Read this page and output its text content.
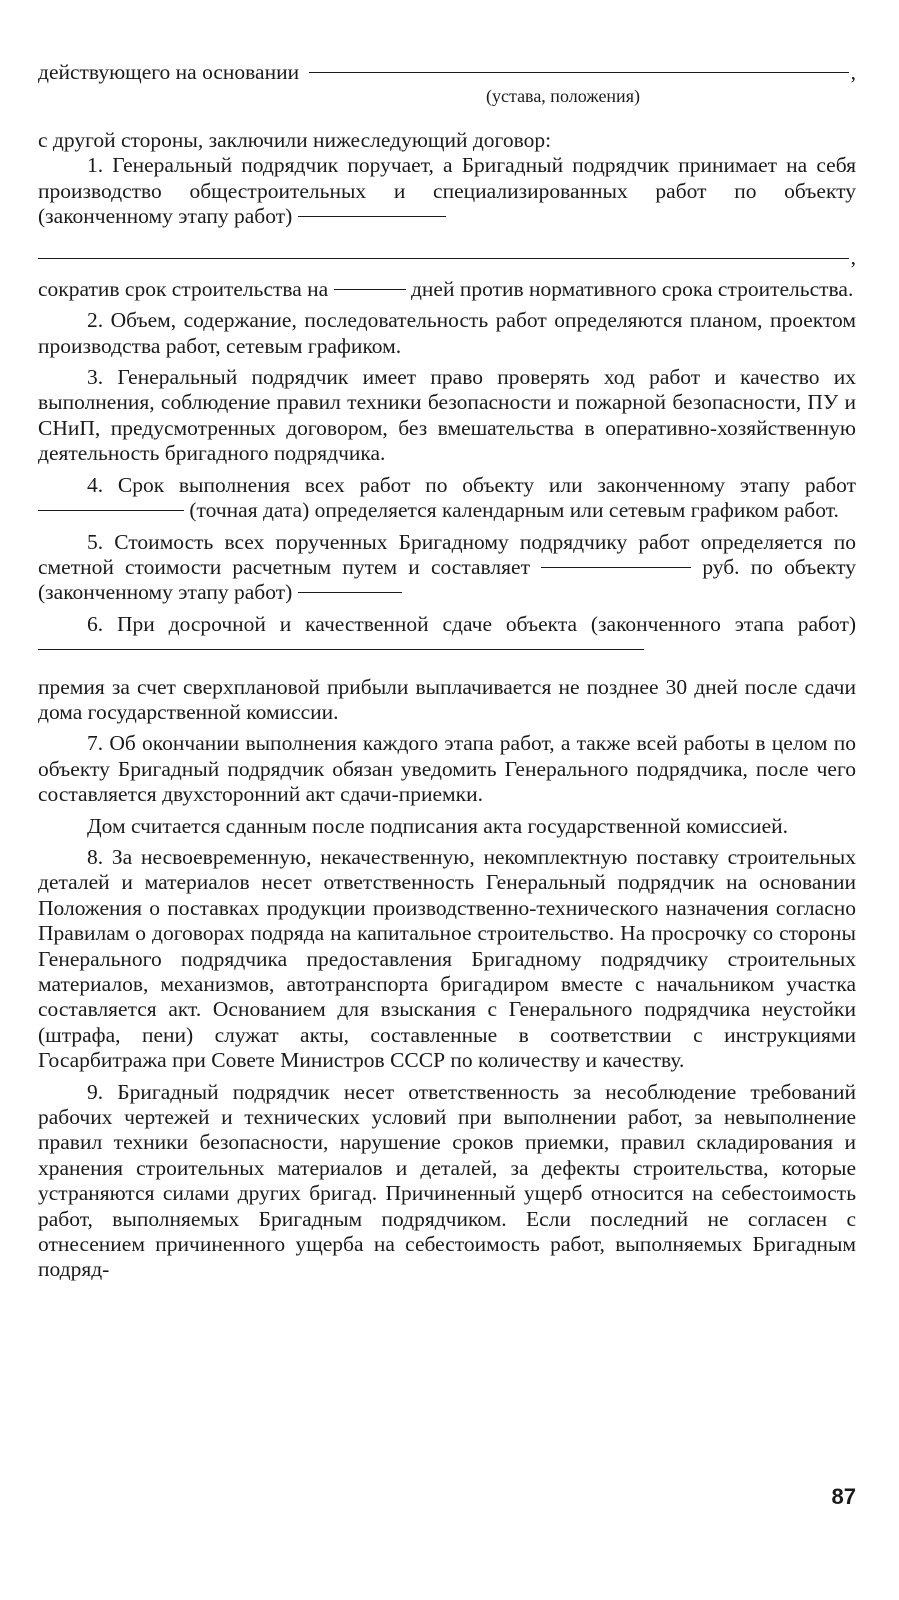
действующего на основании	,
(устава, положения)

с другой стороны, заключили нижеследующий договор:

1. Генеральный подрядчик поручает, а Бригадный подрядчик принимает на себя производство общестроительных и специализированных работ по объекту (законченному этапу работ)

,

сократив срок строительства на	дней против нормативного срока строительства.

2. Объем, содержание, последовательность работ определяются планом, проектом производства работ, сетевым графиком.

3. Генеральный подрядчик имеет право проверять ход работ и качество их выполнения, соблюдение правил техники безопасности и пожарной безопасности, ПУ и СНиП, предусмотренных договором, без вмешательства в оперативно-хозяйственную деятельность бригадного подрядчика.

4. Срок выполнения всех работ по объекту или законченному этапу работ  (точная дата) определяется календарным или сетевым графиком работ.

5. Стоимость всех порученных Бригадному подрядчику работ определяется по сметной стоимости расчетным путем и составляет	руб. по объекту (законченному этапу работ)

6. При досрочной и качественной сдаче объекта (законченного этапа работ)

премия за счет сверхплановой прибыли выплачивается не позднее 30 дней после сдачи дома государственной комиссии.

7. Об окончании выполнения каждого этапа работ, а также всей работы в целом по объекту Бригадный подрядчик обязан уведомить Генерального подрядчика, после чего составляется двухсторонний акт сдачи-приемки.

Дом считается сданным после подписания акта государственной комиссией.

8. За несвоевременную, некачественную, некомплектную поставку строительных деталей и материалов несет ответственность Генеральный подрядчик на основании Положения о поставках продукции производственно-технического назначения согласно Правилам о договорах подряда на капитальное строительство. На просрочку со стороны Генерального подрядчика предоставления Бригадному подрядчику строительных материалов, механизмов, автотранспорта бригадиром вместе с начальником участка составляется акт. Основанием для взыскания с Генерального подрядчика неустойки (штрафа, пени) служат акты, составленные в соответствии с инструкциями Госарбитража при Совете Министров СССР по количеству и качеству.

9. Бригадный подрядчик несет ответственность за несоблюдение требований рабочих чертежей и технических условий при выполнении работ, за невыполнение правил техники безопасности, нарушение сроков приемки, правил складирования и хранения строительных материалов и деталей, за дефекты строительства, которые устраняются силами других бригад. Причиненный ущерб относится на себестоимость работ, выполняемых Бригадным подрядчиком. Если последний не согласен с отнесением причиненного ущерба на себестоимость работ, выполняемых Бригадным подряд-

87
